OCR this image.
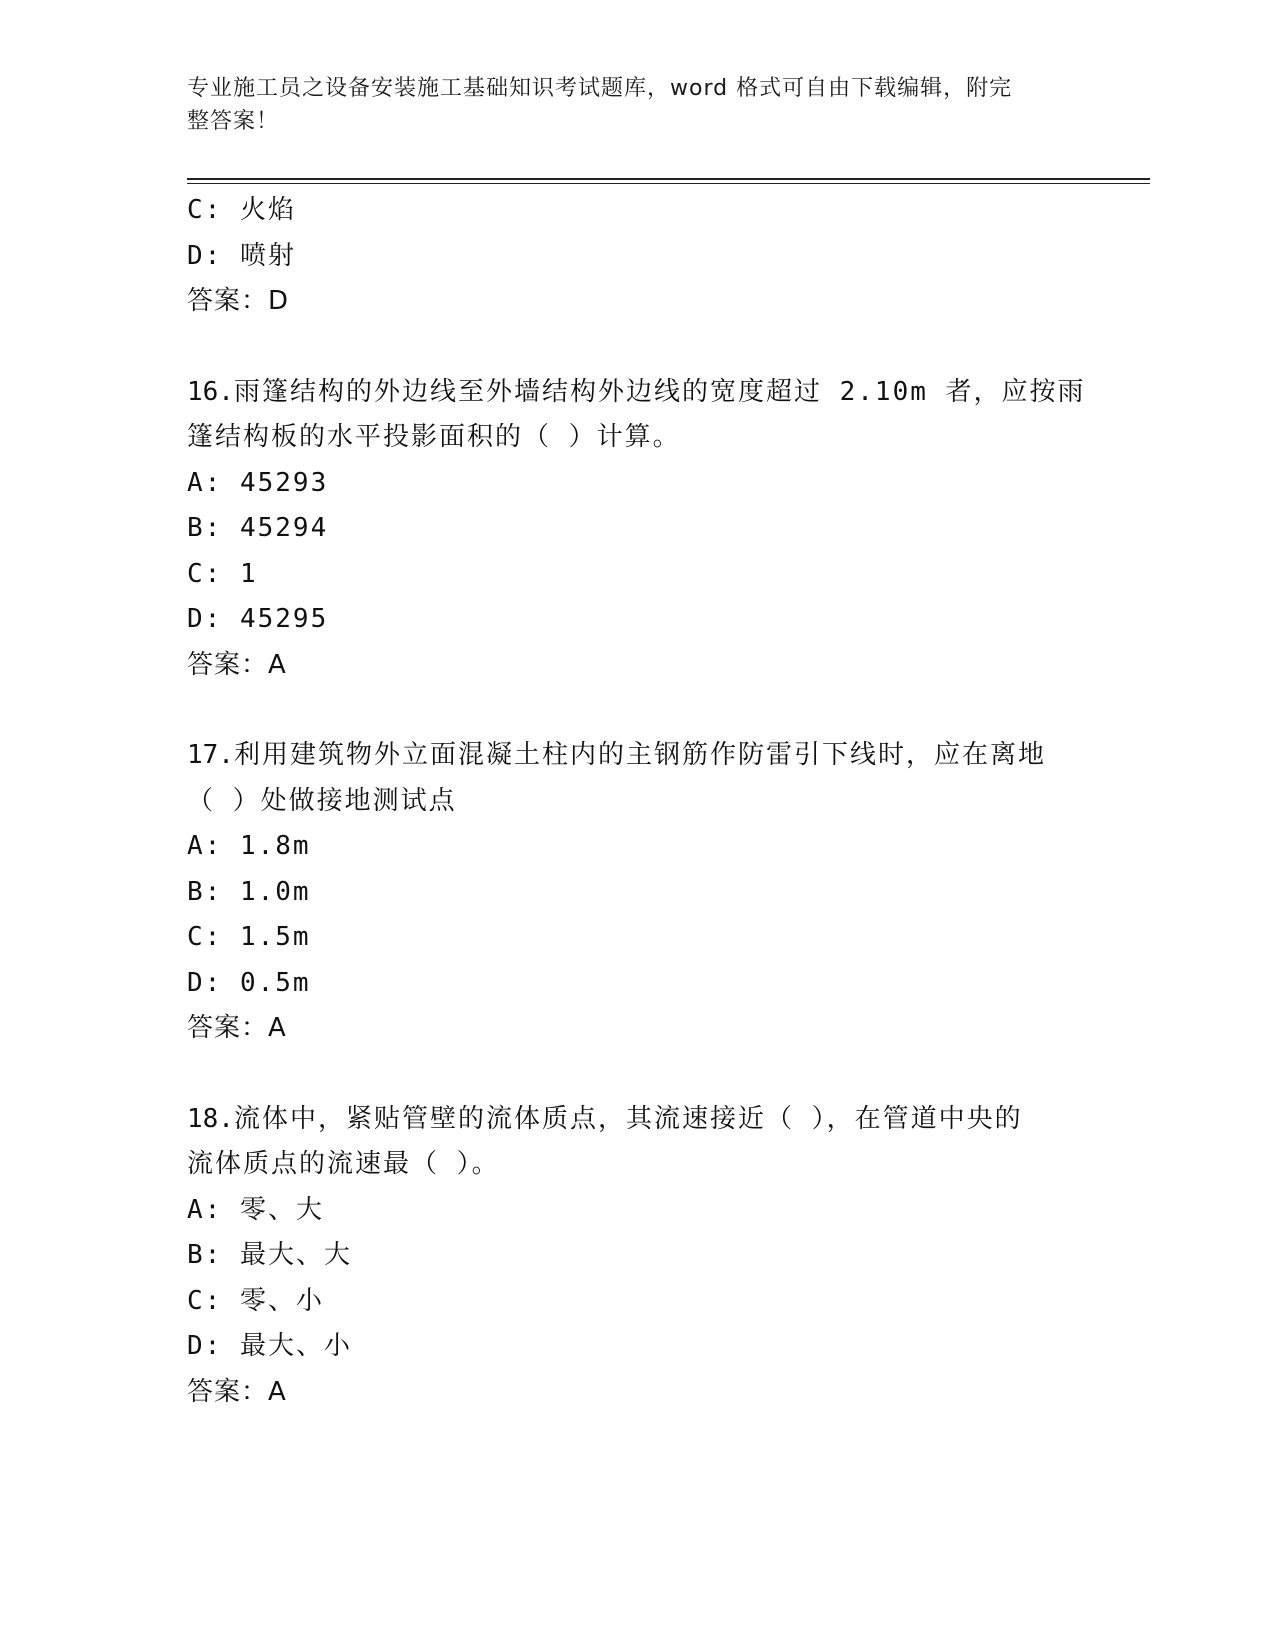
专业施工员之设备安装施工基础知识考试题库，word 格式可自由下载编辑，附完
整答案！
C: 火焰
D: 喷射
答案：D
16.雨篷结构的外边线至外墙结构外边线的宽度超过 2.10m 者，应按雨
篷结构板的水平投影面积的（ ）计算。
A: 45293
B: 45294
C: 1
D: 45295
答案：A
17.利用建筑物外立面混凝土柱内的主钢筋作防雷引下线时，应在离地
（ ）处做接地测试点
A: 1.8m
B: 1.0m
C: 1.5m
D: 0.5m
答案：A
18.流体中，紧贴管壁的流体质点，其流速接近（ ），在管道中央的
流体质点的流速最（ ）。
A: 零、大
B: 最大、大
C: 零、小
D: 最大、小
答案：A
